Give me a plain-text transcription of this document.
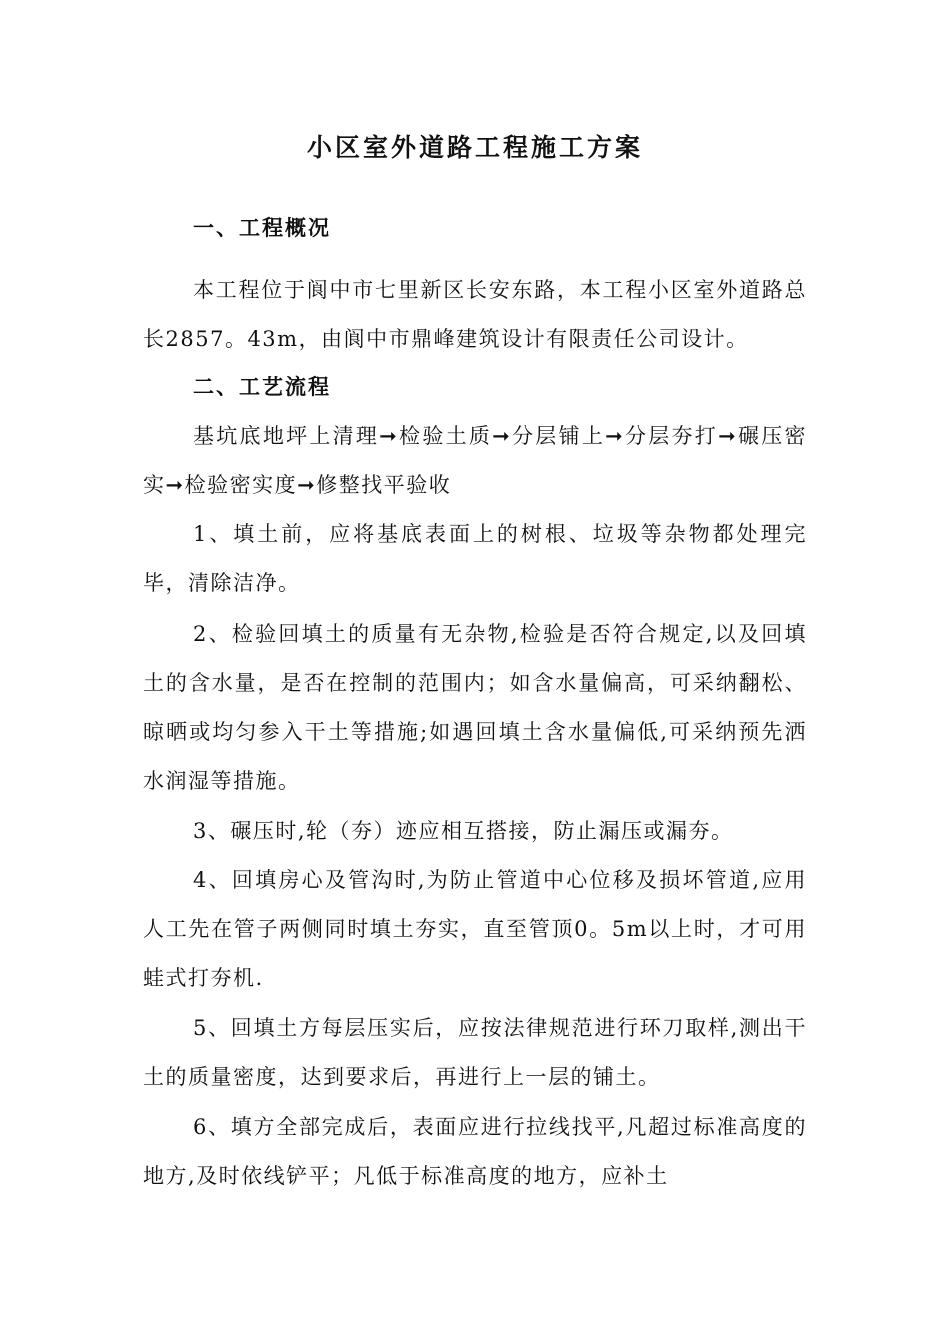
小区室外道路工程施工方案
一、工程概况
本工程位于阆中市七里新区长安东路，本工程小区室外道路总长2857。43m，由阆中市鼎峰建筑设计有限责任公司设计。
二、工艺流程
基坑底地坪上清理➞检验土质➞分层铺上➞分层夯打➞碾压密实➞检验密实度➞修整找平验收
1、填土前，应将基底表面上的树根、垃圾等杂物都处理完毕，清除洁净。
2、检验回填土的质量有无杂物,检验是否符合规定,以及回填土的含水量，是否在控制的范围内；如含水量偏高，可采纳翻松、晾晒或均匀参入干土等措施;如遇回填土含水量偏低,可采纳预先洒水润湿等措施。
3、碾压时,轮（夯）迹应相互搭接，防止漏压或漏夯。
4、回填房心及管沟时,为防止管道中心位移及损坏管道,应用人工先在管子两侧同时填土夯实，直至管顶0。5m以上时，才可用蛙式打夯机.
5、回填土方每层压实后，应按法律规范进行环刀取样,测出干土的质量密度，达到要求后，再进行上一层的铺土。
6、填方全部完成后，表面应进行拉线找平,凡超过标准高度的地方,及时依线铲平；凡低于标准高度的地方，应补土
